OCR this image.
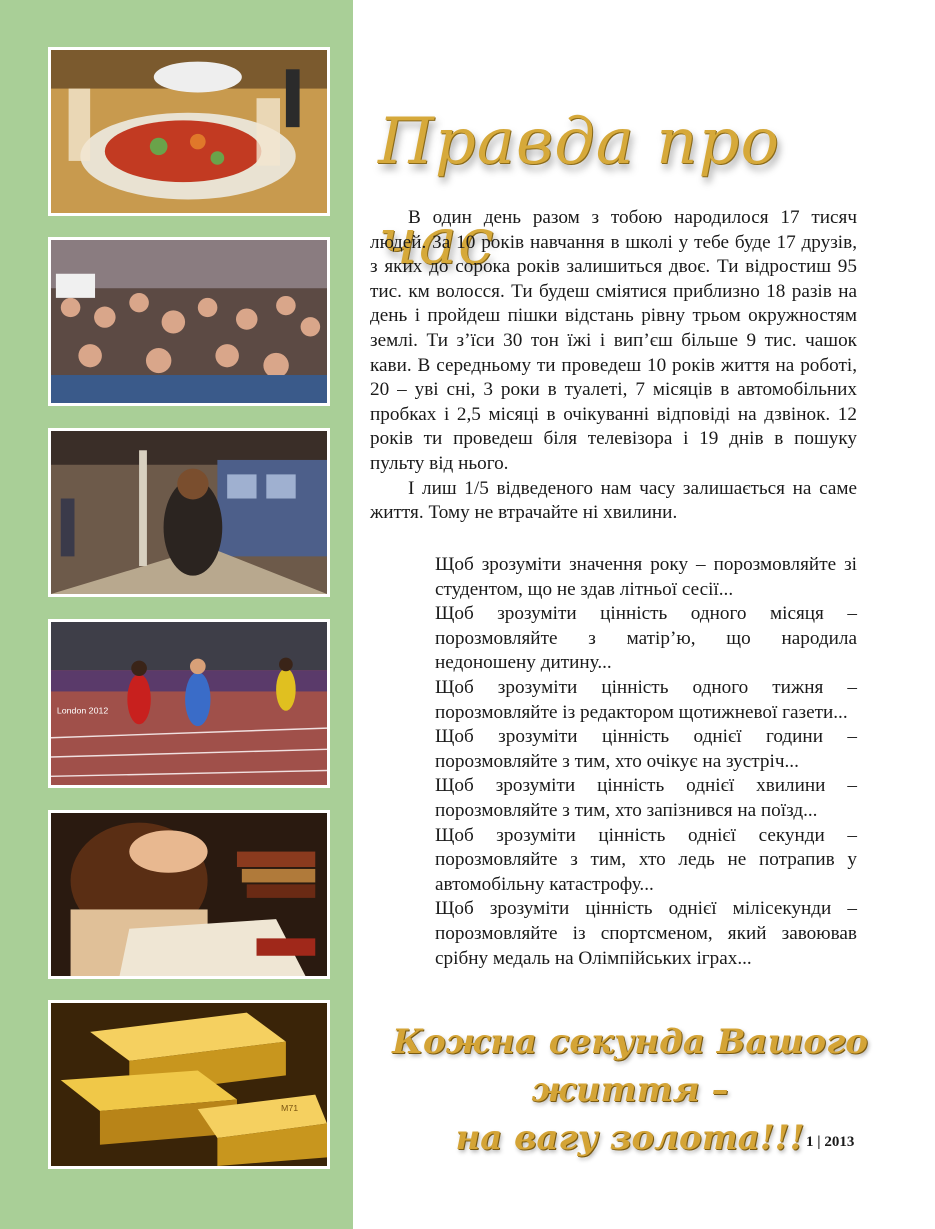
London 2012
M71
Правда про час

В один день разом з тобою народилося 17 тисяч людей. За 10 років навчання в школі у тебе буде 17 друзів, з яких до сорока років залишиться двоє. Ти відростиш 95 тис. км волосся. Ти будеш сміятися приблизно 18 разів на день і пройдеш пішки відстань рівну трьом окружностям землі. Ти з’їси 30 тон їжі і вип’єш більше 9 тис. чашок кави. В середньому ти проведеш 10 років життя на роботі, 20 – уві сні, 3 роки в туалеті, 7 місяців в автомобільних пробках і 2,5 місяці в очікуванні відповіді на дзвінок. 12 років ти проведеш біля телевізора і 19 днів в пошуку пульту від нього.

І лиш 1/5 відведеного нам часу залишається на саме життя. Тому не втрачайте ні хвилини.

Щоб зрозуміти значення року – порозмовляйте зі студентом, що не здав літньої сесії...

Щоб зрозуміти цінність одного місяця – порозмовляйте з матір’ю, що народила недоношену дитину...

Щоб зрозуміти цінність одного тижня – порозмовляйте із редактором щотижневої газети...

Щоб зрозуміти цінність однієї години – порозмовляйте з тим, хто очікує на зустріч...

Щоб зрозуміти цінність однієї хвилини – порозмовляйте з тим, хто запізнився на поїзд...

Щоб зрозуміти цінність однієї секунди – порозмовляйте з тим, хто ледь не потрапив у автомобільну катастрофу...

Щоб зрозуміти цінність однієї мілісекунди – порозмовляйте із спортсменом, який завоював срібну медаль на Олімпійських іграх...

Кожна секунда Вашого життя –
на вагу золота!!! 1 | 2013
